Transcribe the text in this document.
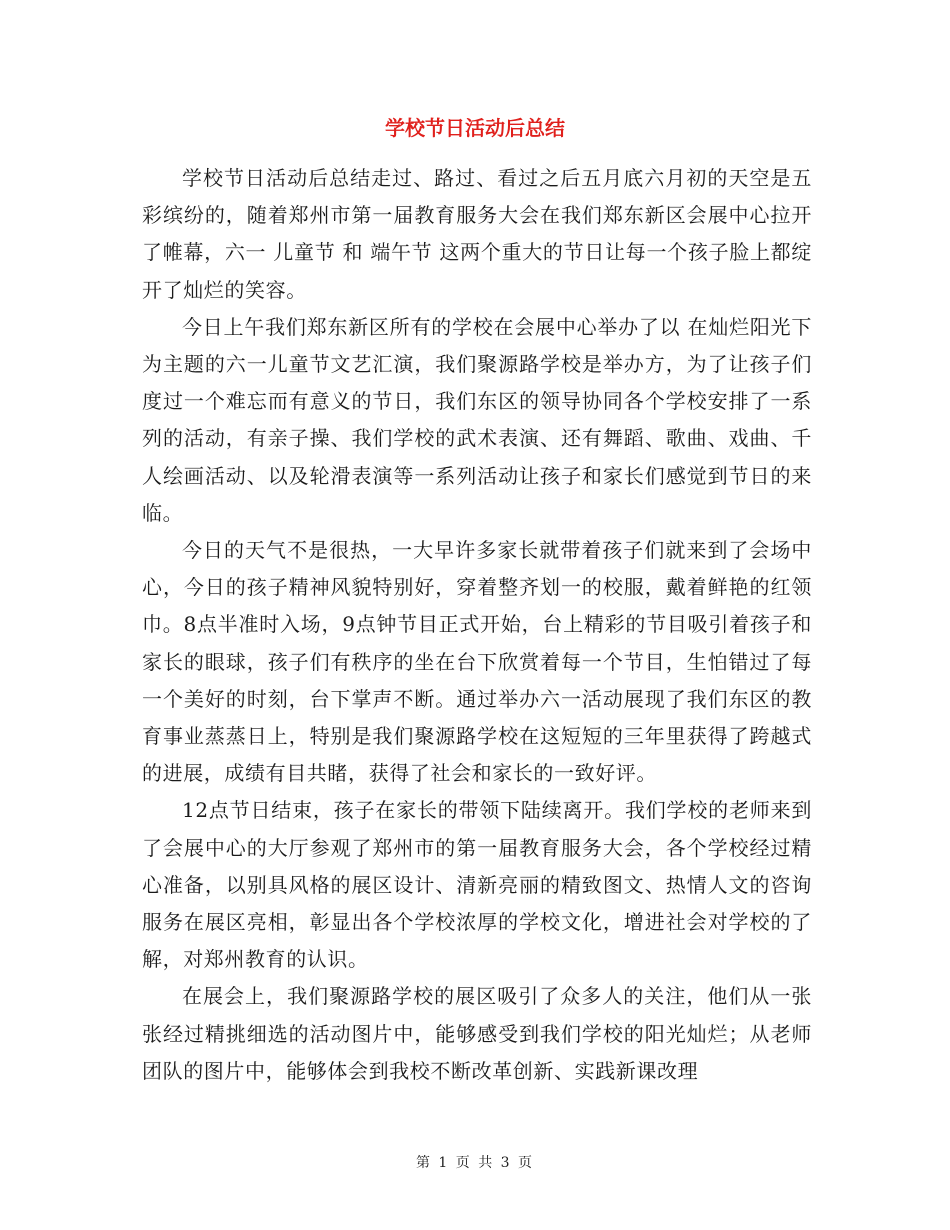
学校节日活动后总结

学校节日活动后总结走过、路过、看过之后五月底六月初的天空是五彩缤纷的，随着郑州市第一届教育服务大会在我们郑东新区会展中心拉开了帷幕，六一 儿童节 和 端午节 这两个重大的节日让每一个孩子脸上都绽开了灿烂的笑容。

今日上午我们郑东新区所有的学校在会展中心举办了以 在灿烂阳光下 为主题的六一儿童节文艺汇演，我们聚源路学校是举办方，为了让孩子们度过一个难忘而有意义的节日，我们东区的领导协同各个学校安排了一系列的活动，有亲子操、我们学校的武术表演、还有舞蹈、歌曲、戏曲、千人绘画活动、以及轮滑表演等一系列活动让孩子和家长们感觉到节日的来临。

今日的天气不是很热，一大早许多家长就带着孩子们就来到了会场中心，今日的孩子精神风貌特别好，穿着整齐划一的校服，戴着鲜艳的红领巾。8点半准时入场，9点钟节目正式开始，台上精彩的节目吸引着孩子和家长的眼球，孩子们有秩序的坐在台下欣赏着每一个节目，生怕错过了每一个美好的时刻，台下掌声不断。通过举办六一活动展现了我们东区的教育事业蒸蒸日上，特别是我们聚源路学校在这短短的三年里获得了跨越式的进展，成绩有目共睹，获得了社会和家长的一致好评。

12点节日结束，孩子在家长的带领下陆续离开。我们学校的老师来到了会展中心的大厅参观了郑州市的第一届教育服务大会，各个学校经过精心准备，以别具风格的展区设计、清新亮丽的精致图文、热情人文的咨询服务在展区亮相，彰显出各个学校浓厚的学校文化，增进社会对学校的了解，对郑州教育的认识。

在展会上，我们聚源路学校的展区吸引了众多人的关注，他们从一张张经过精挑细选的活动图片中，能够感受到我们学校的阳光灿烂；从老师团队的图片中，能够体会到我校不断改革创新、实践新课改理

第 1 页 共 3 页
